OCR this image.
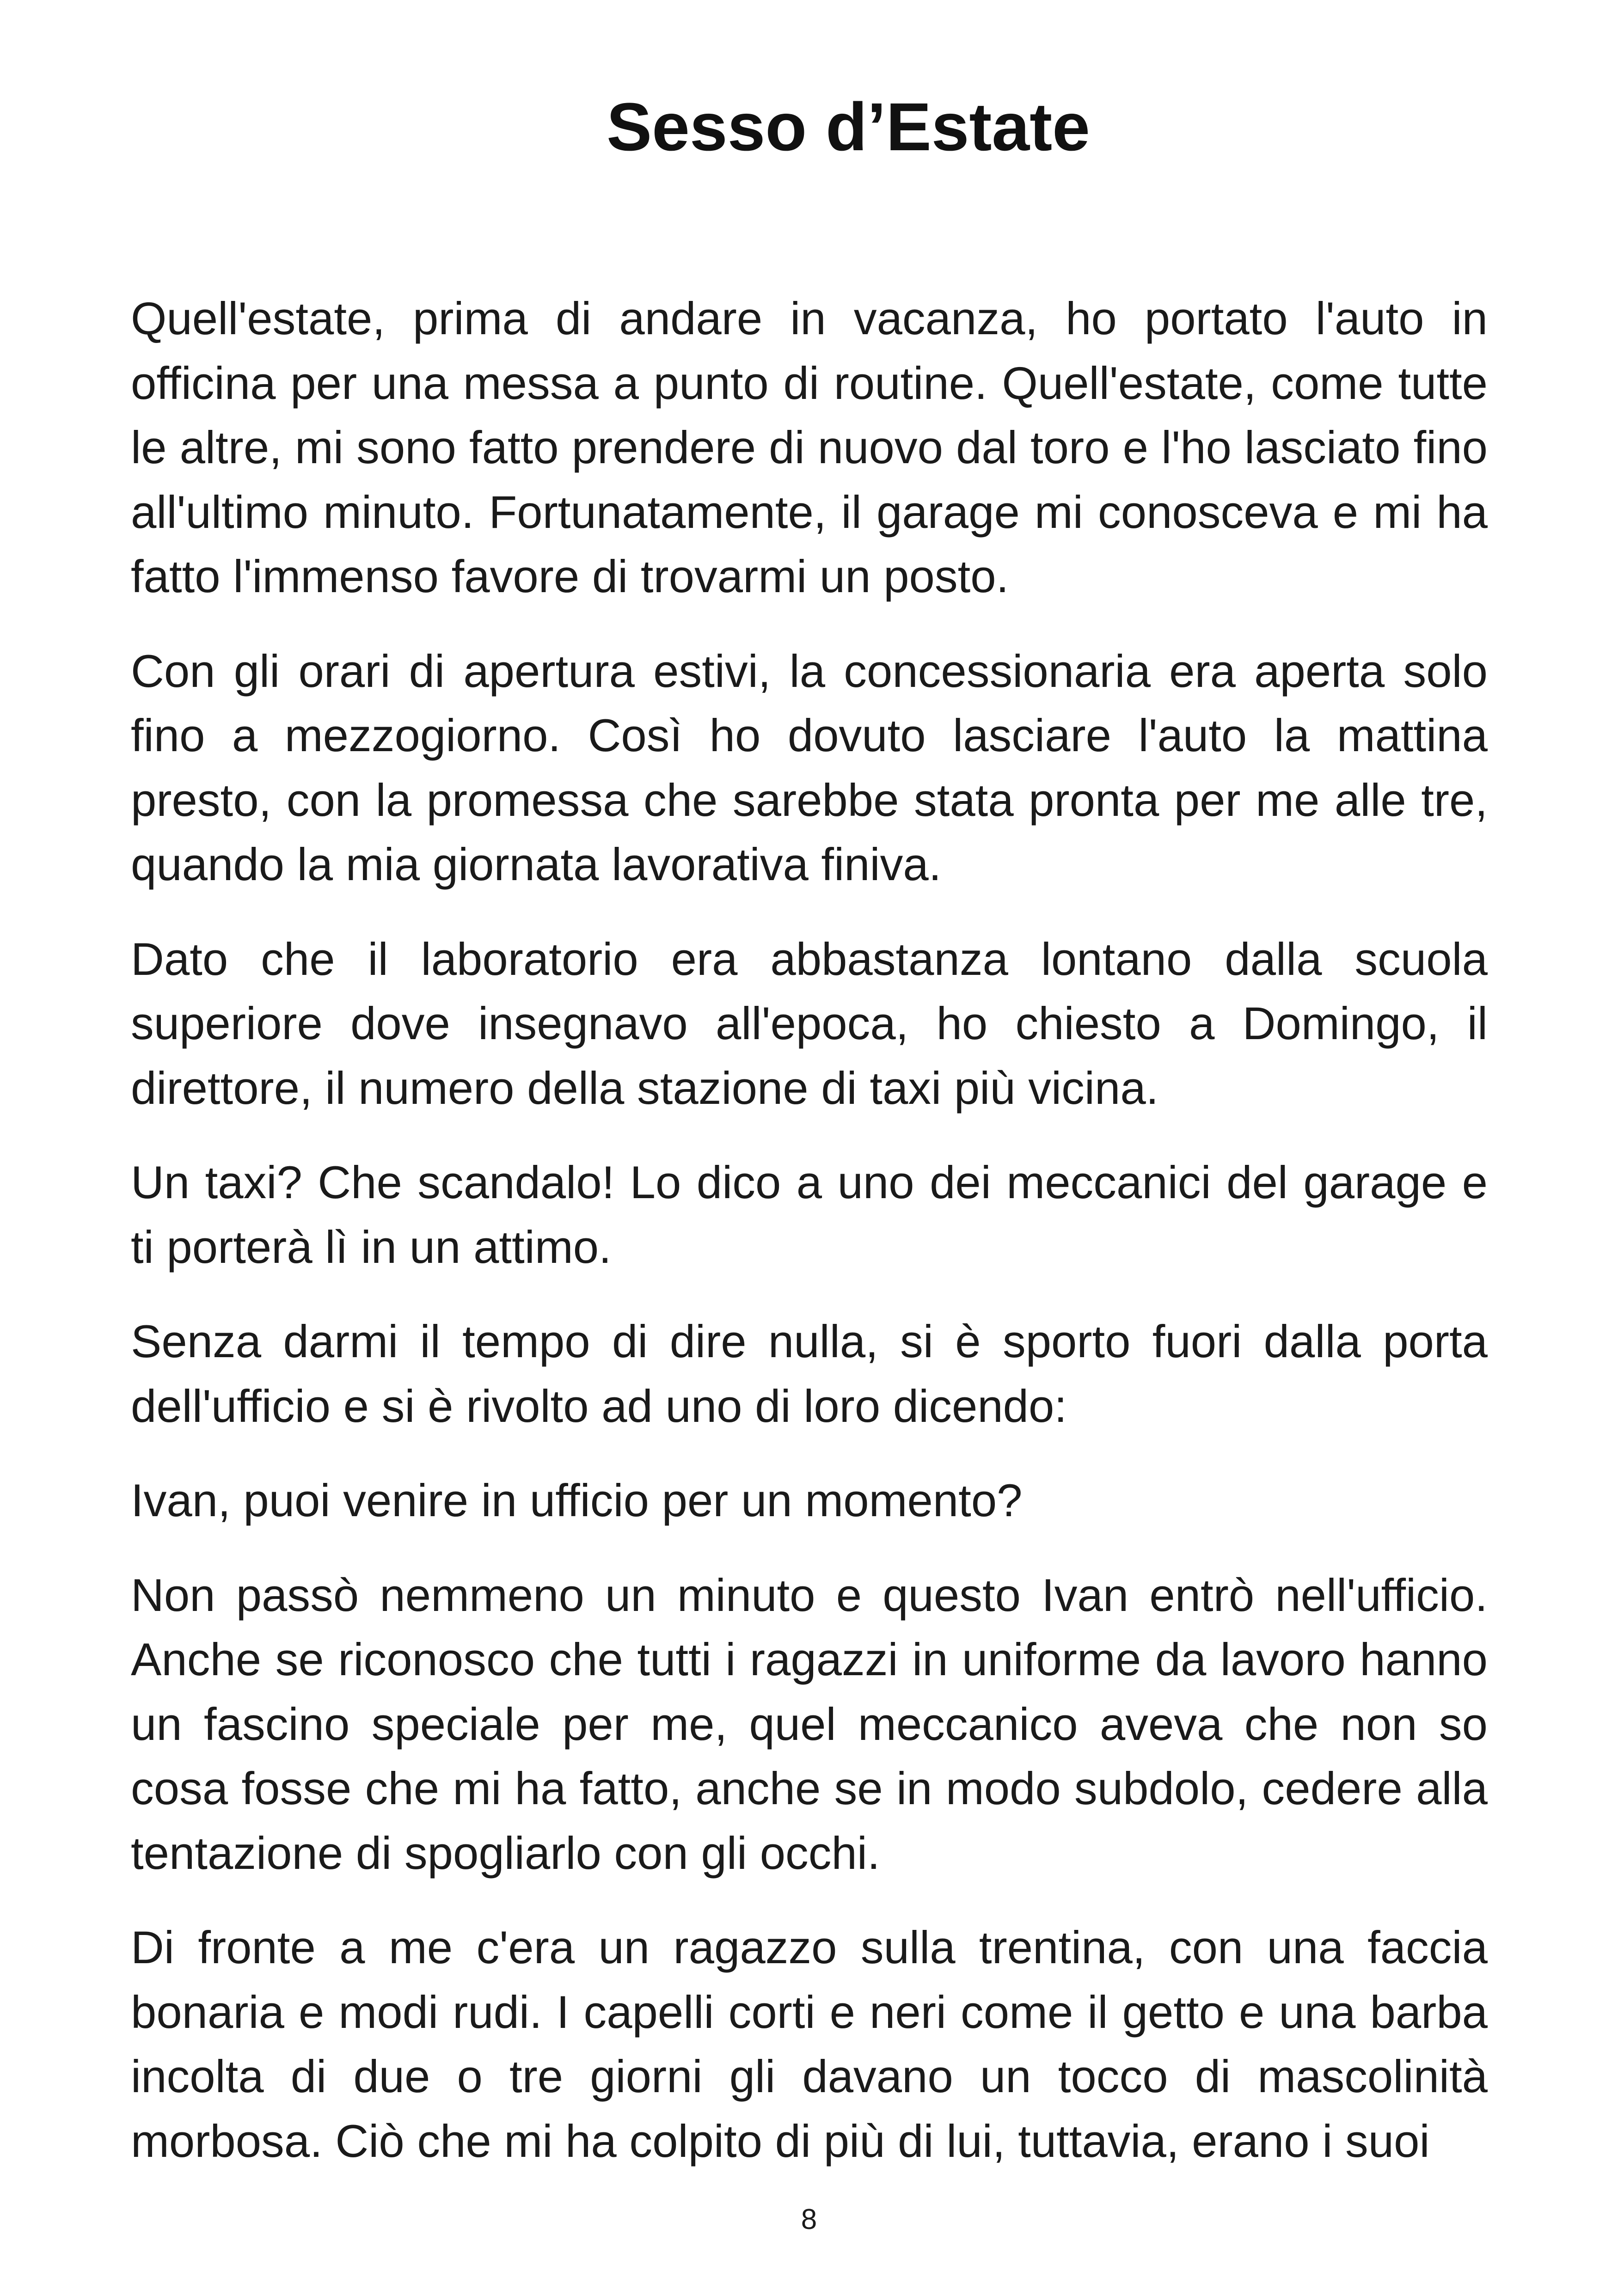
Sesso d’Estate

Quell'estate, prima di andare in vacanza, ho portato l'auto in officina per una messa a punto di routine. Quell'estate, come tutte le altre, mi sono fatto prendere di nuovo dal toro e l'ho lasciato fino all'ultimo minuto. Fortunatamente, il garage mi conosceva e mi ha fatto l'immenso favore di trovarmi un posto.

Con gli orari di apertura estivi, la concessionaria era aperta solo fino a mezzogiorno. Così ho dovuto lasciare l'auto la mattina presto, con la promessa che sarebbe stata pronta per me alle tre, quando la mia giornata lavorativa finiva.

Dato che il laboratorio era abbastanza lontano dalla scuola superiore dove insegnavo all'epoca, ho chiesto a Domingo, il direttore, il numero della stazione di taxi più vicina.

Un taxi? Che scandalo! Lo dico a uno dei meccanici del garage e ti porterà lì in un attimo.

Senza darmi il tempo di dire nulla, si è sporto fuori dalla porta dell'ufficio e si è rivolto ad uno di loro dicendo:

Ivan, puoi venire in ufficio per un momento?

Non passò nemmeno un minuto e questo Ivan entrò nell'ufficio. Anche se riconosco che tutti i ragazzi in uniforme da lavoro hanno un fascino speciale per me, quel meccanico aveva che non so cosa fosse che mi ha fatto, anche se in modo subdolo, cedere alla tentazione di spogliarlo con gli occhi.

Di fronte a me c'era un ragazzo sulla trentina, con una faccia bonaria e modi rudi. I capelli corti e neri come il getto e una barba incolta di due o tre giorni gli davano un tocco di mascolinità morbosa. Ciò che mi ha colpito di più di lui, tuttavia, erano i suoi

8
